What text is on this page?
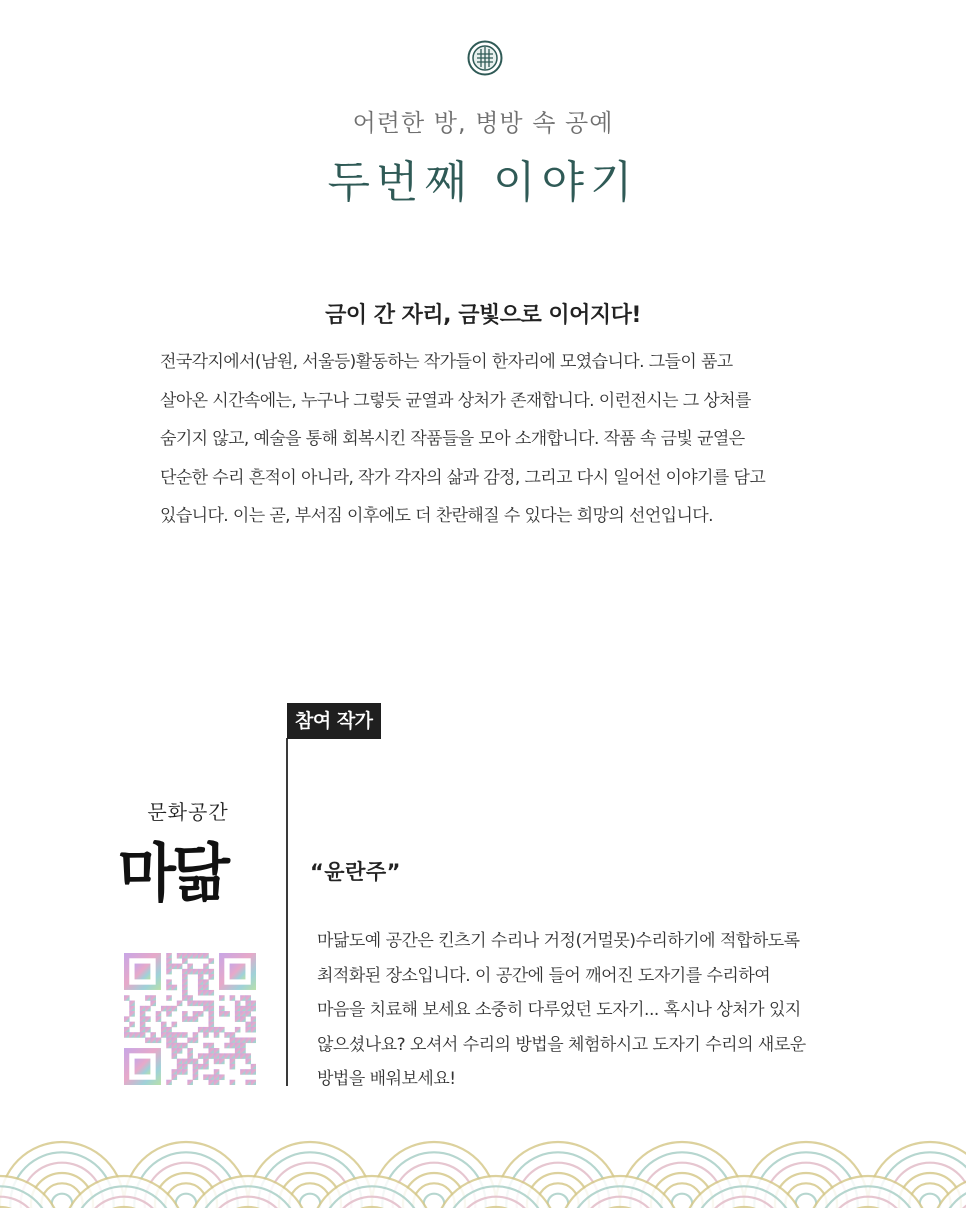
어련한 방, 병방 속 공예
두번째 이야기
금이 간 자리, 금빛으로 이어지다!
전국각지에서(남원, 서울등)활동하는 작가들이 한자리에 모였습니다. 그들이 품고
살아온 시간속에는, 누구나 그렇듯 균열과 상처가 존재합니다. 이런전시는 그 상처를
숨기지 않고, 예술을 통해 회복시킨 작품들을 모아 소개합니다. 작품 속 금빛 균열은
단순한 수리 흔적이 아니라, 작가 각자의 삶과 감정, 그리고 다시 일어선 이야기를 담고
있습니다. 이는 곧, 부서짐 이후에도 더 찬란해질 수 있다는 희망의 선언입니다.
참여 작가
문화공간
마닮	“윤란주”
마닮도예 공간은 킨츠기 수리나 거정(거멀못)수리하기에 적합하도록
최적화된 장소입니다. 이 공간에 들어 깨어진 도자기를 수리하여
마음을 치료해 보세요 소중히 다루었던 도자기... 혹시나 상처가 있지
않으셨나요? 오셔서 수리의 방법을 체험하시고 도자기 수리의 새로운
방법을 배워보세요!
